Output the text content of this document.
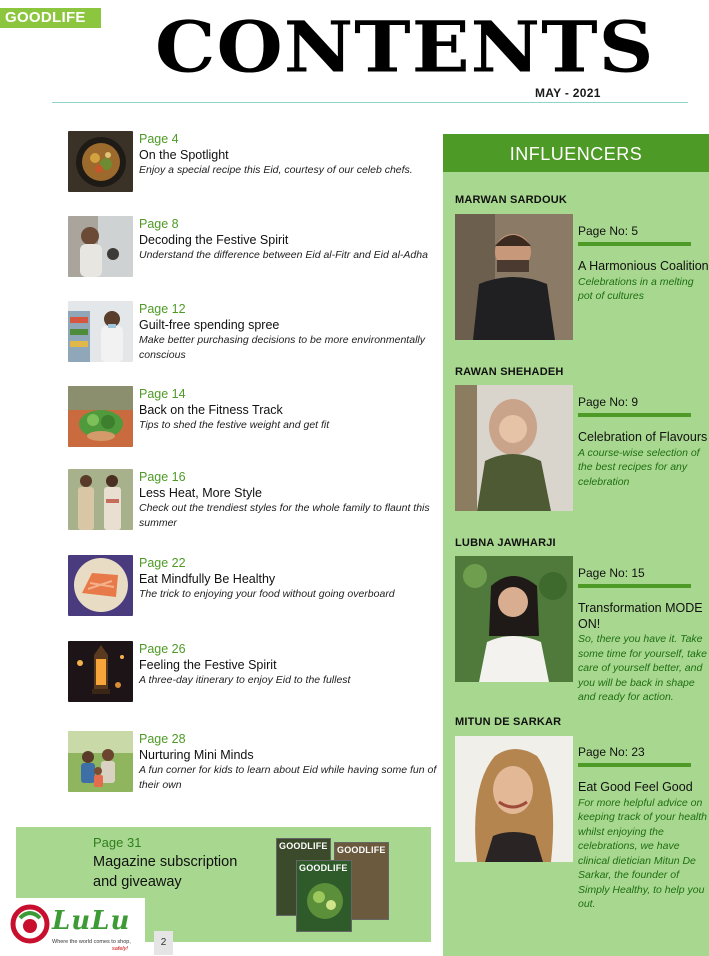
GOODLIFE CONTENTS
MAY - 2021
Page 4
On the Spotlight
Enjoy a special recipe this Eid, courtesy of our celeb chefs.
Page 8
Decoding the Festive Spirit
Understand the difference between Eid al-Fitr and Eid al-Adha
Page 12
Guilt-free spending spree
Make better purchasing decisions to be more environmentally conscious
Page 14
Back on the Fitness Track
Tips to shed the festive weight and get fit
Page 16
Less Heat, More Style
Check out the trendiest styles for the whole family to flaunt this summer
Page 22
Eat Mindfully Be Healthy
The trick to enjoying your food without going overboard
Page 26
Feeling the Festive Spirit
A three-day itinerary to enjoy Eid to the fullest
Page 28
Nurturing Mini Minds
A fun corner for kids to learn about Eid while having some fun of their own
Page 31
Magazine subscription and giveaway
GOODLIFE GOODLIFE
GOODLIFE
LuLu
Where the world comes to shop,
safely!
2
INFLUENCERS
MARWAN SARDOUK
Page No: 5
A Harmonious Coalition
Celebrations in a melting pot of cultures
RAWAN SHEHADEH
Page No: 9
Celebration of Flavours
A course-wise selection of the best recipes for any celebration
LUBNA JAWHARJI
Page No: 15
Transformation MODE ON!
So, there you have it. Take some time for yourself, take care of yourself better, and you will be back in shape and ready for action.
MITUN DE SARKAR
Page No: 23
Eat Good Feel Good
For more helpful advice on keeping track of your health whilst enjoying the celebrations, we have clinical dietician Mitun De Sarkar, the founder of Simply Healthy, to help you out.
